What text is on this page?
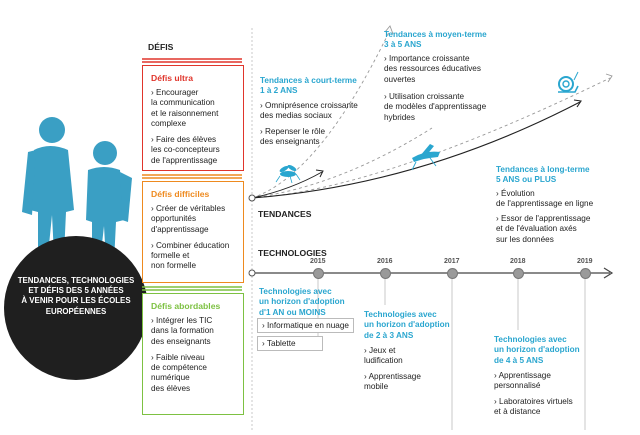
2015	2016	2017	2018	2019
TENDANCES, TECHNOLOGIES
ET DÉFIS DES 5 ANNÉES
À VENIR POUR LES ÉCOLES
EUROPÉENNES
DÉFIS
Défis ultra
› Encourager
la communication
et le raisonnement
complexe
› Faire des élèves
les co-concepteurs
de l'apprentissage
Défis difficiles
› Créer de véritables
opportunités
d'apprentissage
› Combiner éducation
formelle et
non formelle
Défis abordables
› Intégrer les TIC
dans la formation
des enseignants
› Faible niveau
de compétence
numérique
des élèves
Tendances à court-terme
1 à 2 ANS
› Omniprésence croissante
des medias sociaux
› Repenser le rôle
des enseignants
Tendances à moyen-terme
3 à 5 ANS
› Importance croissante
des ressources éducatives
ouvertes
› Utilisation croissante
de modèles d'apprentissage
hybrides
Tendances à long-terme
5 ANS ou PLUS
› Évolution
de l'apprentissage en ligne
› Essor de l'apprentissage
et de l'évaluation axés
sur les données
TENDANCES
TECHNOLOGIES
Technologies avec
un horizon d'adoption
d'1 AN ou MOINS
› Informatique en nuage
› Tablette
Technologies avec
un horizon d'adoption
de 2 à 3 ANS
› Jeux et
ludification
› Apprentissage
mobile
Technologies avec
un horizon d'adoption
de 4 à 5 ANS
› Apprentissage
personnalisé
› Laboratoires virtuels
et à distance
